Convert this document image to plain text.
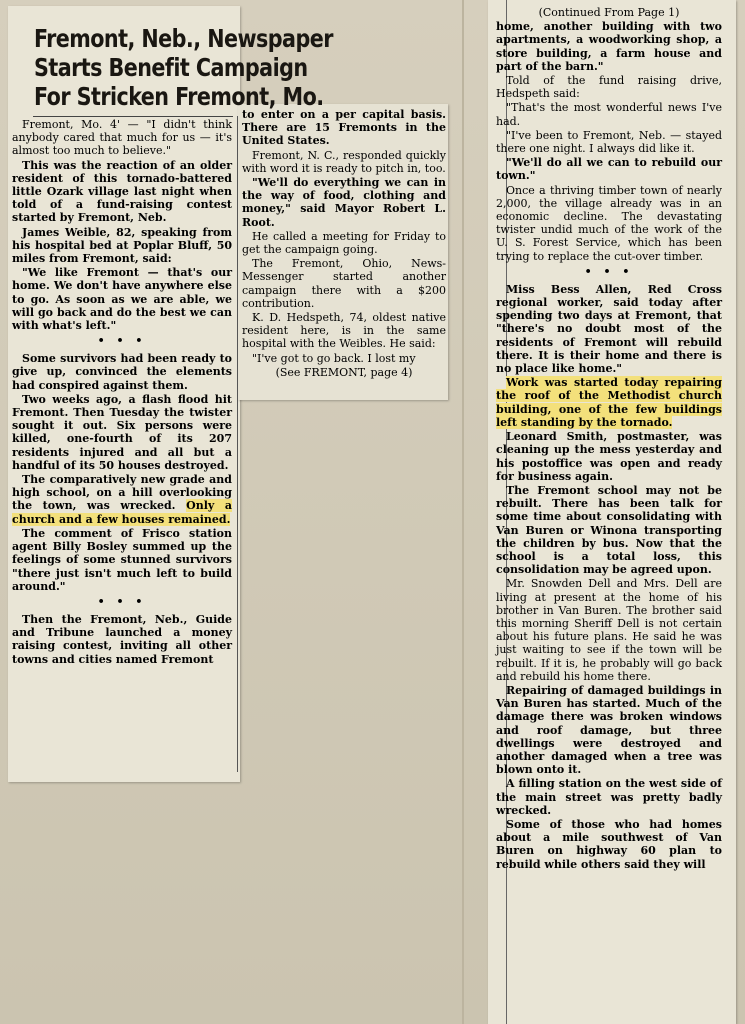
Fremont, Neb., Newspaper
Starts Benefit Campaign
For Stricken Fremont, Mo.

Fremont, Mo. 4' — "I didn't think anybody cared that much for us — it's almost too much to believe."

This was the reaction of an older resident of this tornado-battered little Ozark village last night when told of a fund-raising contest started by Fremont, Neb.

James Weible, 82, speaking from his hospital bed at Poplar Bluff, 50 miles from Fremont, said:

"We like Fremont — that's our home. We don't have anywhere else to go. As soon as we are able, we will go back and do the best we can with what's left."

• • •

Some survivors had been ready to give up, convinced the elements had conspired against them.

Two weeks ago, a flash flood hit Fremont. Then Tuesday the twister sought it out. Six persons were killed, one-fourth of its 207 residents injured and all but a handful of its 50 houses destroyed.

The comparatively new grade and high school, on a hill overlooking the town, was wrecked. Only a church and a few houses remained.

The comment of Frisco station agent Billy Bosley summed up the feelings of some stunned survivors "there just isn't much left to build around."

• • •

Then the Fremont, Neb., Guide and Tribune launched a money raising contest, inviting all other towns and cities named Fremont

to enter on a per capital basis. There are 15 Fremonts in the United States.

Fremont, N. C., responded quickly with word it is ready to pitch in, too.

"We'll do everything we can in the way of food, clothing and money," said Mayor Robert L. Root.

He called a meeting for Friday to get the campaign going.

The Fremont, Ohio, News-Messenger started another campaign there with a $200 contribution.

K. D. Hedspeth, 74, oldest native resident here, is in the same hospital with the Weibles. He said:

"I've got to go back. I lost my

(See FREMONT, page 4)

(Continued From Page 1)

home, another building with two apartments, a woodworking shop, a store building, a farm house and part of the barn."

Told of the fund raising drive, Hedspeth said:

"That's the most wonderful news I've had.

"I've been to Fremont, Neb. — stayed there one night. I always did like it.

"We'll do all we can to rebuild our town."

Once a thriving timber town of nearly 2,000, the village already was in an economic decline. The devastating twister undid much of the work of the U. S. Forest Service, which has been trying to replace the cut-over timber.

• • •

Miss Bess Allen, Red Cross regional worker, said today after spending two days at Fremont, that "there's no doubt most of the residents of Fremont will rebuild there. It is their home and there is no place like home."

Work was started today repairing the roof of the Methodist church building, one of the few buildings left standing by the tornado.

Leonard Smith, postmaster, was cleaning up the mess yesterday and his postoffice was open and ready for business again.

The Fremont school may not be rebuilt. There has been talk for some time about consolidating with Van Buren or Winona transporting the children by bus. Now that the school is a total loss, this consolidation may be agreed upon.

Mr. Snowden Dell and Mrs. Dell are living at present at the home of his brother in Van Buren. The brother said this morning Sheriff Dell is not certain about his future plans. He said he was just waiting to see if the town will be rebuilt. If it is, he probably will go back and rebuild his home there.

Repairing of damaged buildings in Van Buren has started. Much of the damage there was broken windows and roof damage, but three dwellings were destroyed and another damaged when a tree was blown onto it.

A filling station on the west side of the main street was pretty badly wrecked.

Some of those who had homes about a mile southwest of Van Buren on highway 60 plan to rebuild while others said they will
